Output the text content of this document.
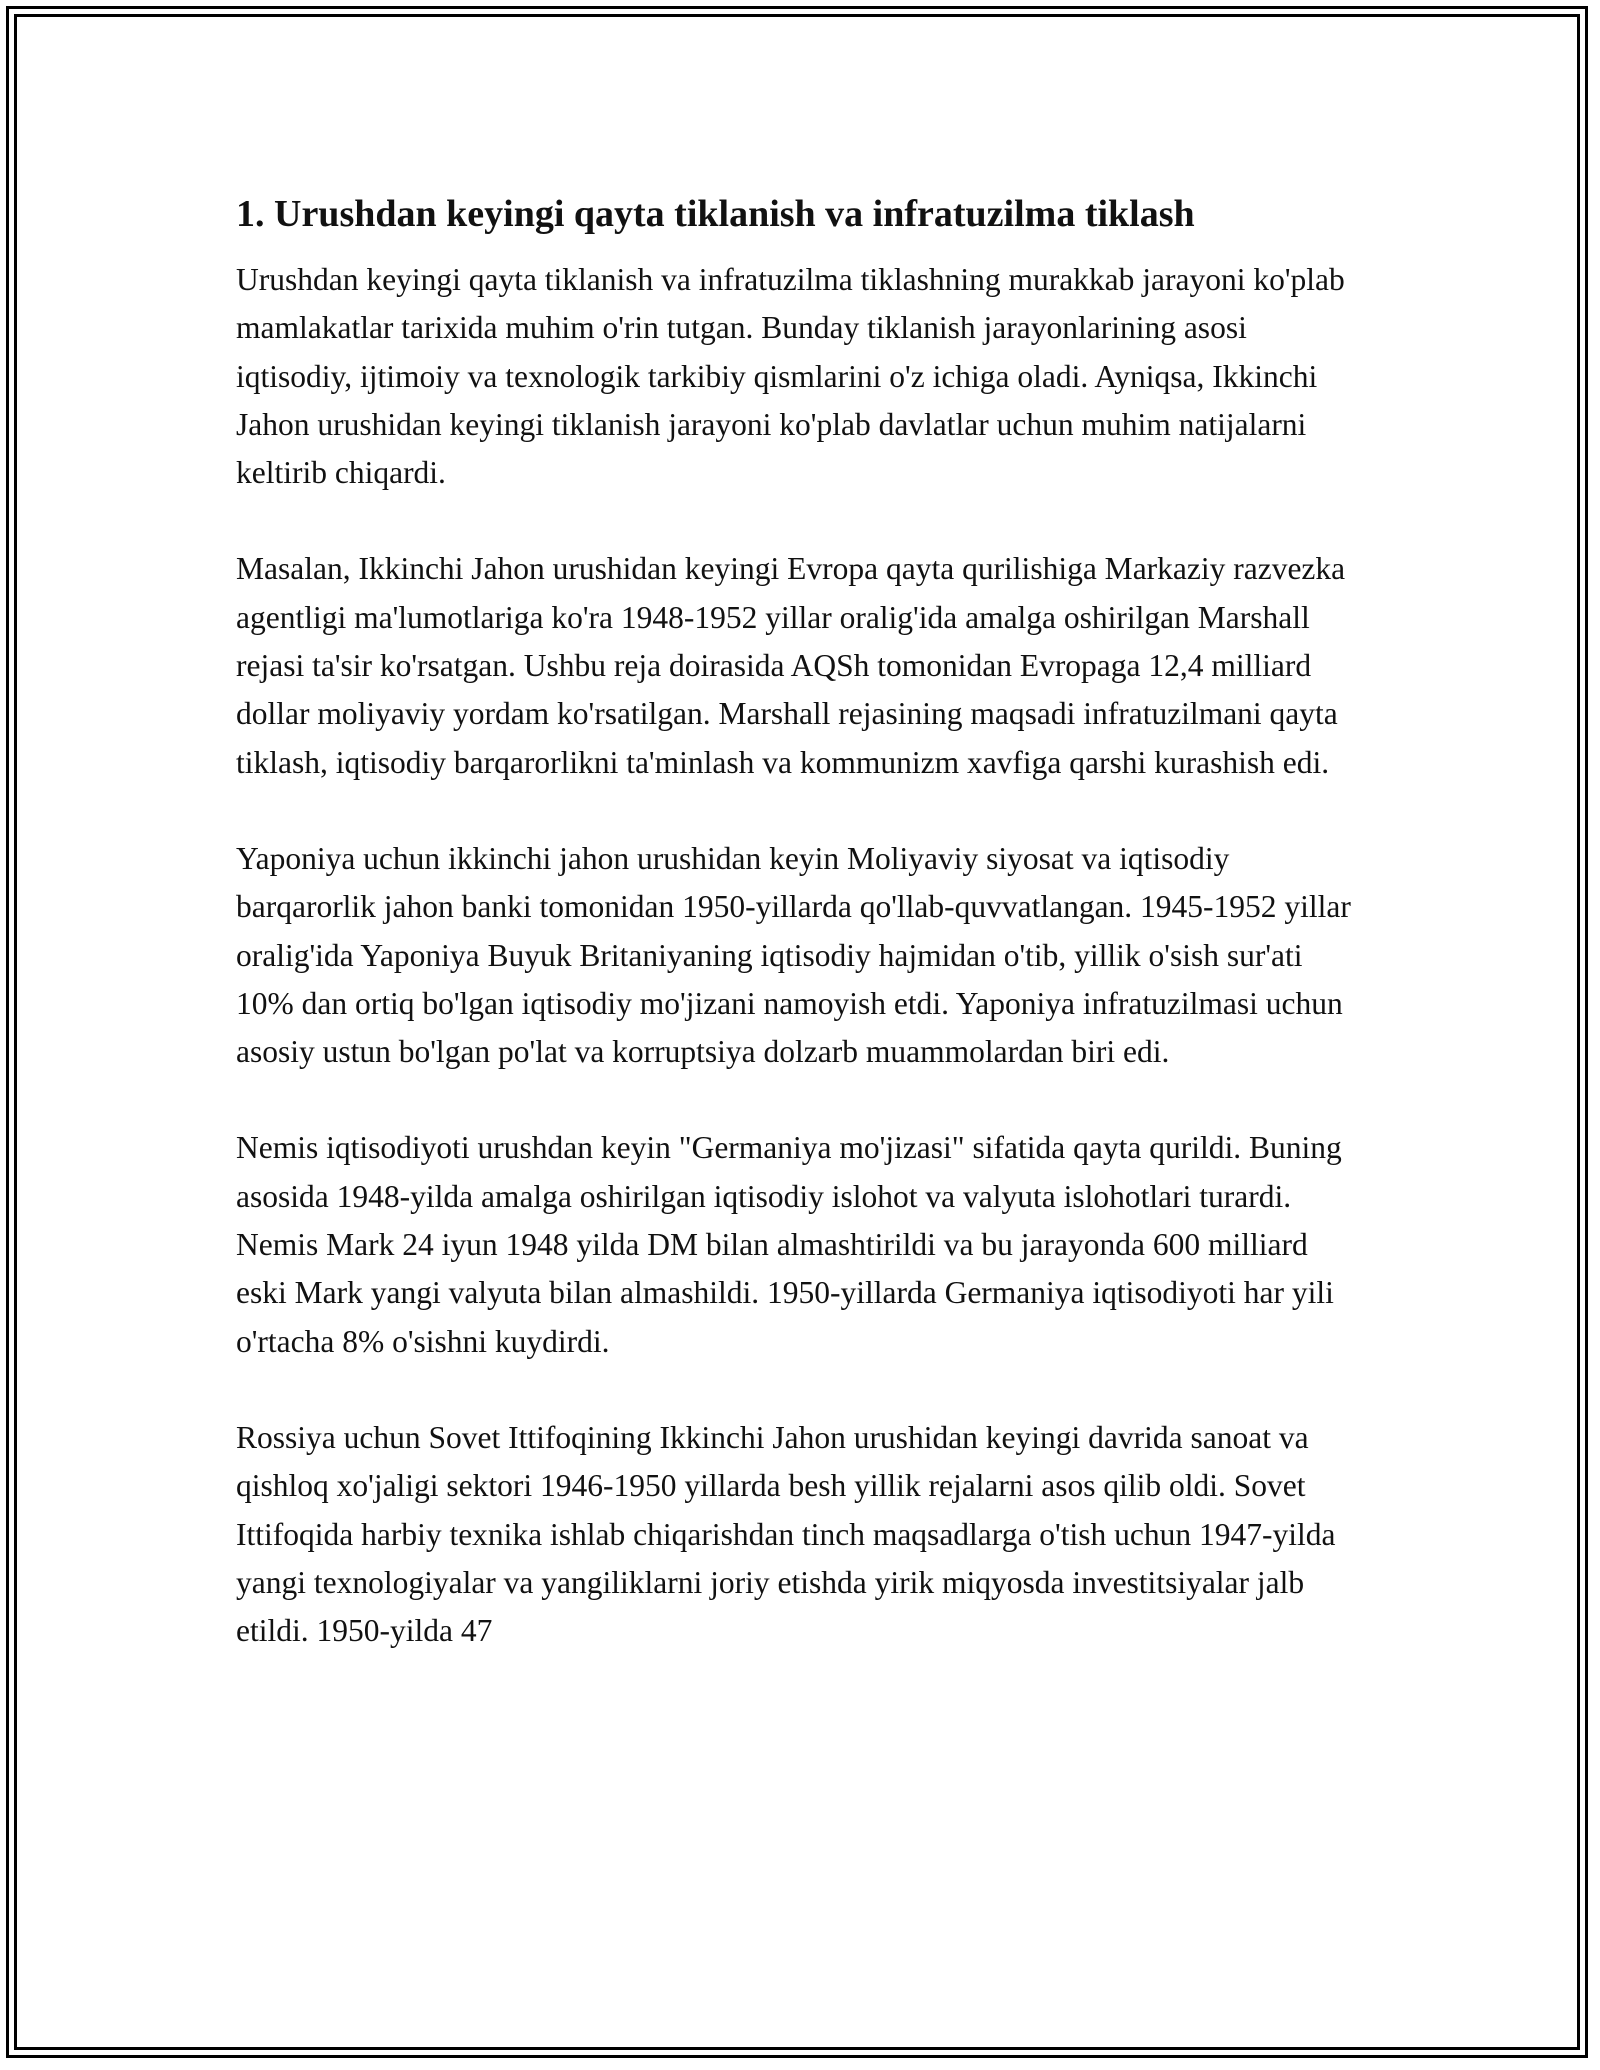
1. Urushdan keyingi qayta tiklanish va infratuzilma tiklash

Urushdan keyingi qayta tiklanish va infratuzilma tiklashning murakkab jarayoni ko'plab mamlakatlar tarixida muhim o'rin tutgan. Bunday tiklanish jarayonlarining asosi iqtisodiy, ijtimoiy va texnologik tarkibiy qismlarini o'z ichiga oladi. Ayniqsa, Ikkinchi Jahon urushidan keyingi tiklanish jarayoni ko'plab davlatlar uchun muhim natijalarni keltirib chiqardi.

Masalan, Ikkinchi Jahon urushidan keyingi Evropa qayta qurilishiga Markaziy razvezka agentligi ma'lumotlariga ko'ra 1948-1952 yillar oralig'ida amalga oshirilgan Marshall rejasi ta'sir ko'rsatgan. Ushbu reja doirasida AQSh tomonidan Evropaga 12,4 milliard dollar moliyaviy yordam ko'rsatilgan. Marshall rejasining maqsadi infratuzilmani qayta tiklash, iqtisodiy barqarorlikni ta'minlash va kommunizm xavfiga qarshi kurashish edi.

Yaponiya uchun ikkinchi jahon urushidan keyin Moliyaviy siyosat va iqtisodiy barqarorlik jahon banki tomonidan 1950-yillarda qo'llab-quvvatlangan. 1945-1952 yillar oralig'ida Yaponiya Buyuk Britaniyaning iqtisodiy hajmidan o'tib, yillik o'sish sur'ati 10% dan ortiq bo'lgan iqtisodiy mo'jizani namoyish etdi. Yaponiya infratuzilmasi uchun asosiy ustun bo'lgan po'lat va korruptsiya dolzarb muammolardan biri edi.

Nemis iqtisodiyoti urushdan keyin "Germaniya mo'jizasi" sifatida qayta qurildi. Buning asosida 1948-yilda amalga oshirilgan iqtisodiy islohot va valyuta islohotlari turardi. Nemis Mark 24 iyun 1948 yilda DM bilan almashtirildi va bu jarayonda 600 milliard eski Mark yangi valyuta bilan almashildi. 1950-yillarda Germaniya iqtisodiyoti har yili o'rtacha 8% o'sishni kuydirdi.

Rossiya uchun Sovet Ittifoqining Ikkinchi Jahon urushidan keyingi davrida sanoat va qishloq xo'jaligi sektori 1946-1950 yillarda besh yillik rejalarni asos qilib oldi. Sovet Ittifoqida harbiy texnika ishlab chiqarishdan tinch maqsadlarga o'tish uchun 1947-yilda yangi texnologiyalar va yangiliklarni joriy etishda yirik miqyosda investitsiyalar jalb etildi. 1950-yilda 47
